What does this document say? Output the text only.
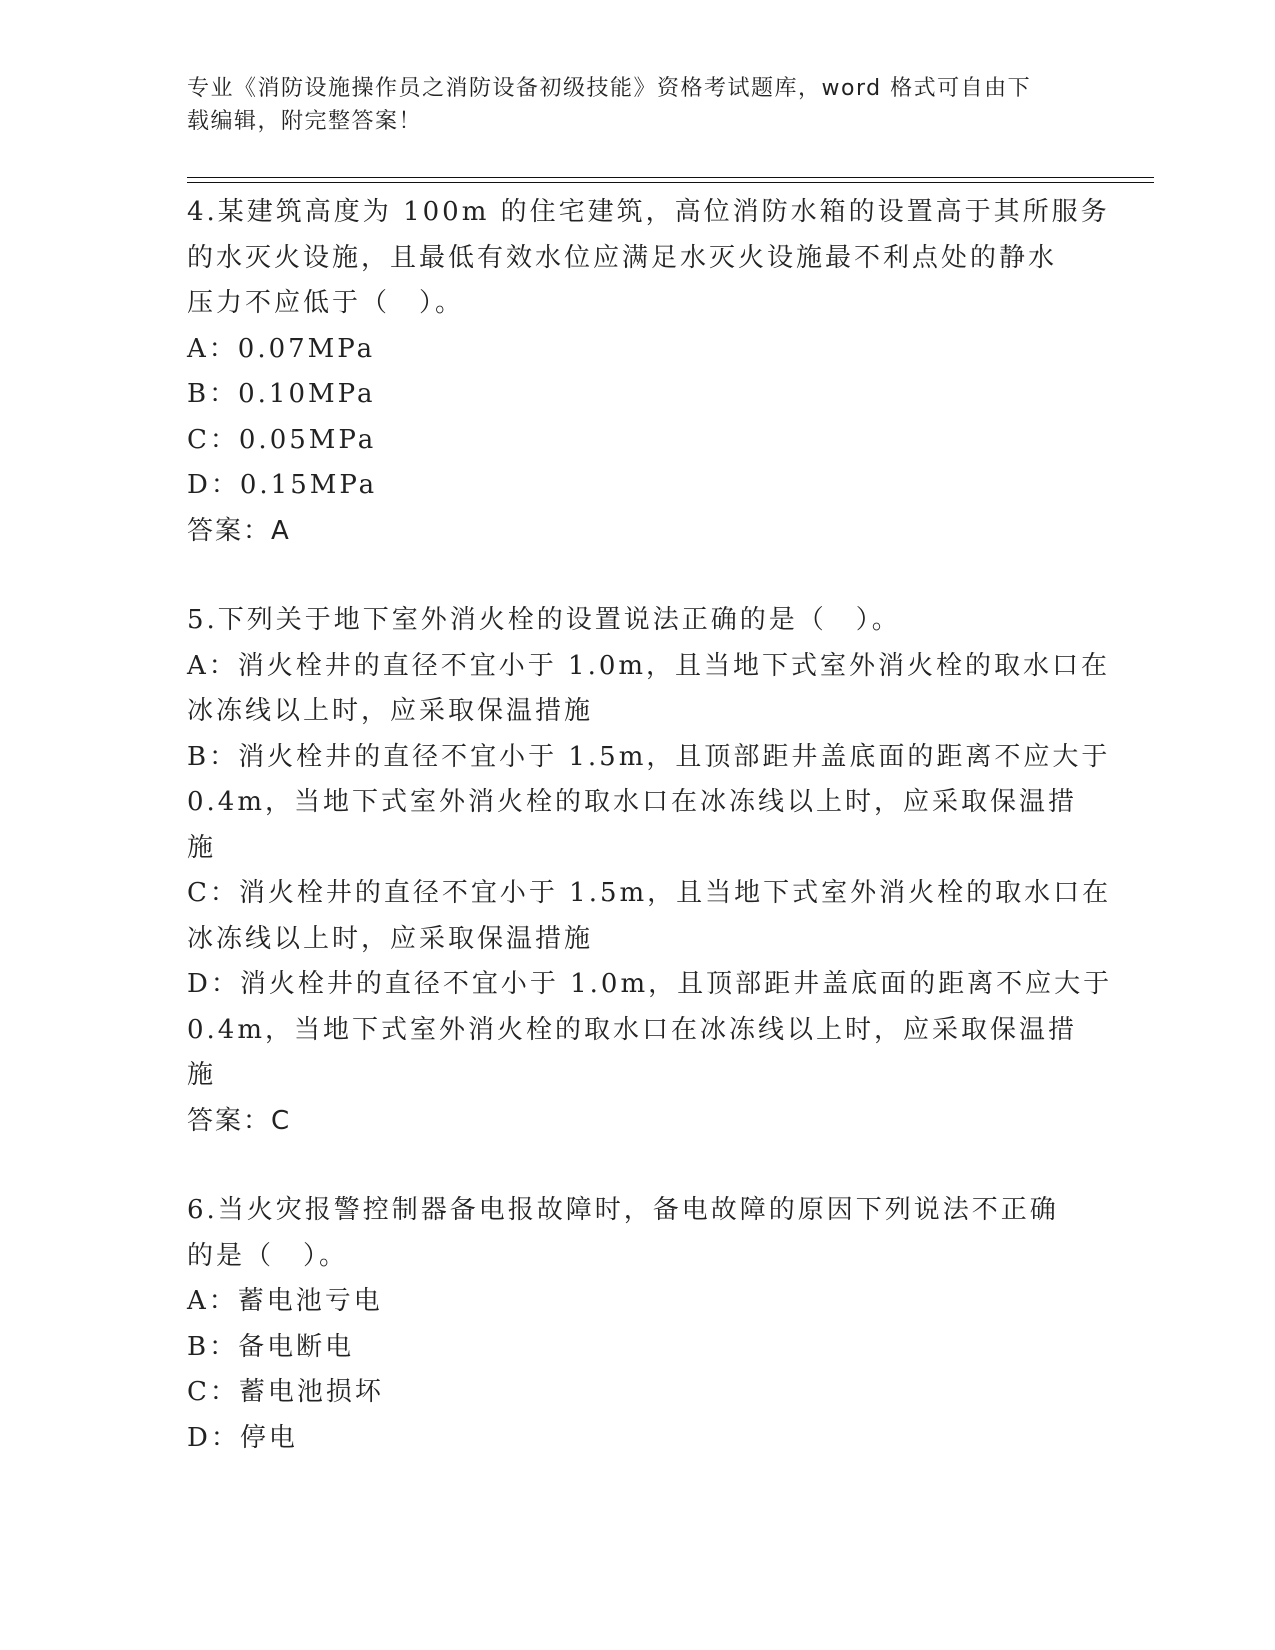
专业《消防设施操作员之消防设备初级技能》资格考试题库，word 格式可自由下
载编辑，附完整答案！
4.某建筑高度为 100m 的住宅建筑，高位消防水箱的设置高于其所服务
的水灭火设施，且最低有效水位应满足水灭火设施最不利点处的静水
压力不应低于（　）。
A：0.07MPa
B：0.10MPa
C：0.05MPa
D：0.15MPa
答案：A
5.下列关于地下室外消火栓的设置说法正确的是（　）。
A：消火栓井的直径不宜小于 1.0m，且当地下式室外消火栓的取水口在
冰冻线以上时，应采取保温措施
B：消火栓井的直径不宜小于 1.5m，且顶部距井盖底面的距离不应大于
0.4m，当地下式室外消火栓的取水口在冰冻线以上时，应采取保温措
施
C：消火栓井的直径不宜小于 1.5m，且当地下式室外消火栓的取水口在
冰冻线以上时，应采取保温措施
D：消火栓井的直径不宜小于 1.0m，且顶部距井盖底面的距离不应大于
0.4m，当地下式室外消火栓的取水口在冰冻线以上时，应采取保温措
施
答案：C
6.当火灾报警控制器备电报故障时，备电故障的原因下列说法不正确
的是（　）。
A：蓄电池亏电
B：备电断电
C：蓄电池损坏
D：停电
